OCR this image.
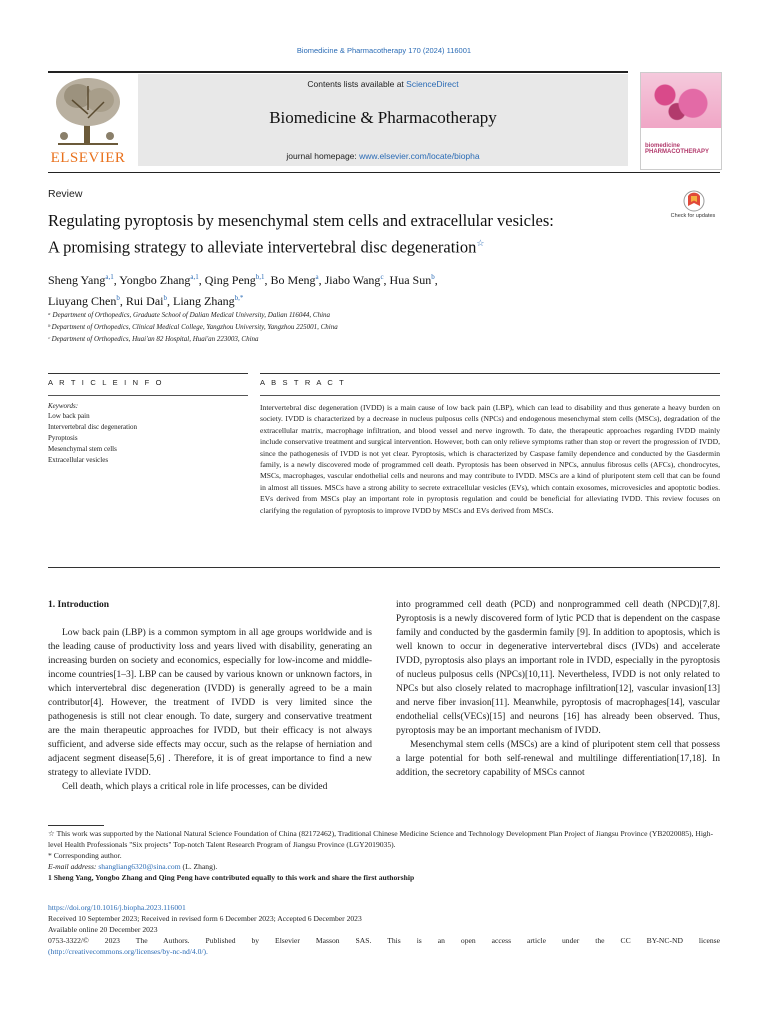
Biomedicine & Pharmacotherapy 170 (2024) 116001
ELSEVIER
Contents lists available at ScienceDirect
Biomedicine & Pharmacotherapy
journal homepage: www.elsevier.com/locate/biopha
biomedicine
PHARMACOTHERAPY
Review
Regulating pyroptosis by mesenchymal stem cells and extracellular vesicles:
A promising strategy to alleviate intervertebral disc degeneration☆
Check for updates
Sheng Yang$^{a,1}$, Yongbo Zhang$^{a,1}$, Qing Peng$^{b,1}$, Bo Meng$^a$, Jiabo Wang$^c$, Hua Sun$^b$,
Liuyang Chen$^b$, Rui Dai$^b$, Liang Zhang$^{b,*}$
ᵃ Department of Orthopedics, Graduate School of Dalian Medical University, Dalian 116044, China
ᵇ Department of Orthopedics, Clinical Medical College, Yangzhou University, Yangzhou 225001, China
ᶜ Department of Orthopedics, Huai'an 82 Hospital, Huai'an 223003, China
A R T I C L E I N F O	A B S T R A C T
Keywords:
Low back pain
Intervertebral disc degeneration
Pyroptosis
Mesenchymal stem cells
Extracellular vesicles
Intervertebral disc degeneration (IVDD) is a main cause of low back pain (LBP), which can lead to disability and thus generate a heavy burden on society. IVDD is characterized by a decrease in nucleus pulposus cells (NPCs) and endogenous mesenchymal stem cells (MSCs), degradation of the extracellular matrix, macrophage infiltration, and blood vessel and nerve ingrowth. To date, the therapeutic approaches regarding IVDD mainly include conservative treatment and surgical intervention. However, both can only relieve symptoms rather than stop or revert the progression of IVDD, since the pathogenesis of IVDD is not yet clear. Pyroptosis, which is characterized by Caspase family dependence and conducted by the Gasdermin family, is a newly discovered mode of programmed cell death. Pyroptosis has been observed in NPCs, annulus fibrosus cells (AFCs), chondrocytes, MSCs, macrophages, vascular endothelial cells and neurons and may contribute to IVDD. MSCs are a kind of pluripotent stem cell that can be found in almost all tissues. MSCs have a strong ability to secrete extracellular vesicles (EVs), which contain exosomes, microvesicles and apoptotic bodies. EVs derived from MSCs play an important role in pyroptosis regulation and could be beneficial for alleviating IVDD. This review focuses on clarifying the regulation of pyroptosis to improve IVDD by MSCs and EVs derived from MSCs.
1. Introduction

Low back pain (LBP) is a common symptom in all age groups worldwide and is the leading cause of productivity loss and years lived with disability, generating an increasing burden on society and economics, especially for low-income and middle-income countries[1–3]. LBP can be caused by various known or unknown factors, in which intervertebral disc degeneration (IVDD) is generally agreed to be a main contributor[4]. However, the treatment of IVDD is very limited since the pathogenesis is still not clear enough. To date, surgery and conservative treatment are the main therapeutic approaches for IVDD, but their efficacy is not always sufficient, and adverse side effects may occur, such as the relapse of herniation and adjacent segment disease[5,6] . Therefore, it is of great importance to find a new strategy to alleviate IVDD.

Cell death, which plays a critical role in life processes, can be divided

into programmed cell death (PCD) and nonprogrammed cell death (NPCD)[7,8]. Pyroptosis is a newly discovered form of lytic PCD that is dependent on the caspase family and conducted by the gasdermin family [9]. In addition to apoptosis, which is well known to occur in degenerative intervertebral discs (IVDs) and accelerate IVDD, pyroptosis also plays an important role in IVDD, especially in the pyroptosis of nucleus pulposus cells (NPCs)[10,11]. Nevertheless, IVDD is not only related to NPCs but also closely related to macrophage infiltration[12], vascular invasion[13] and nerve fiber invasion[11]. Meanwhile, pyroptosis of macrophages[14], vascular endothelial cells(VECs)[15] and neurons [16] has already been observed. Thus, pyroptosis may be an important mechanism of IVDD.

Mesenchymal stem cells (MSCs) are a kind of pluripotent stem cell that possess a large potential for both self-renewal and multilinge differentiation[17,18]. In addition, the secretory capability of MSCs cannot

☆ This work was supported by the National Natural Science Foundation of China (82172462), Traditional Chinese Medicine Science and Technology Development Plan Project of Jiangsu Province (YB2020085), High-level Health Professionals "Six projects" Top-notch Talent Research Program of Jiangsu Province (LGY2019035).
* Corresponding author.
E-mail address: shangliang6320@sina.com (L. Zhang).
1 Sheng Yang, Yongbo Zhang and Qing Peng have contributed equally to this work and share the first authorship
https://doi.org/10.1016/j.biopha.2023.116001
Received 10 September 2023; Received in revised form 6 December 2023; Accepted 6 December 2023
Available online 20 December 2023
0753-3322/© 2023 The Authors. Published by Elsevier Masson SAS. This is an open access article under the CC BY-NC-ND license
(http://creativecommons.org/licenses/by-nc-nd/4.0/).
